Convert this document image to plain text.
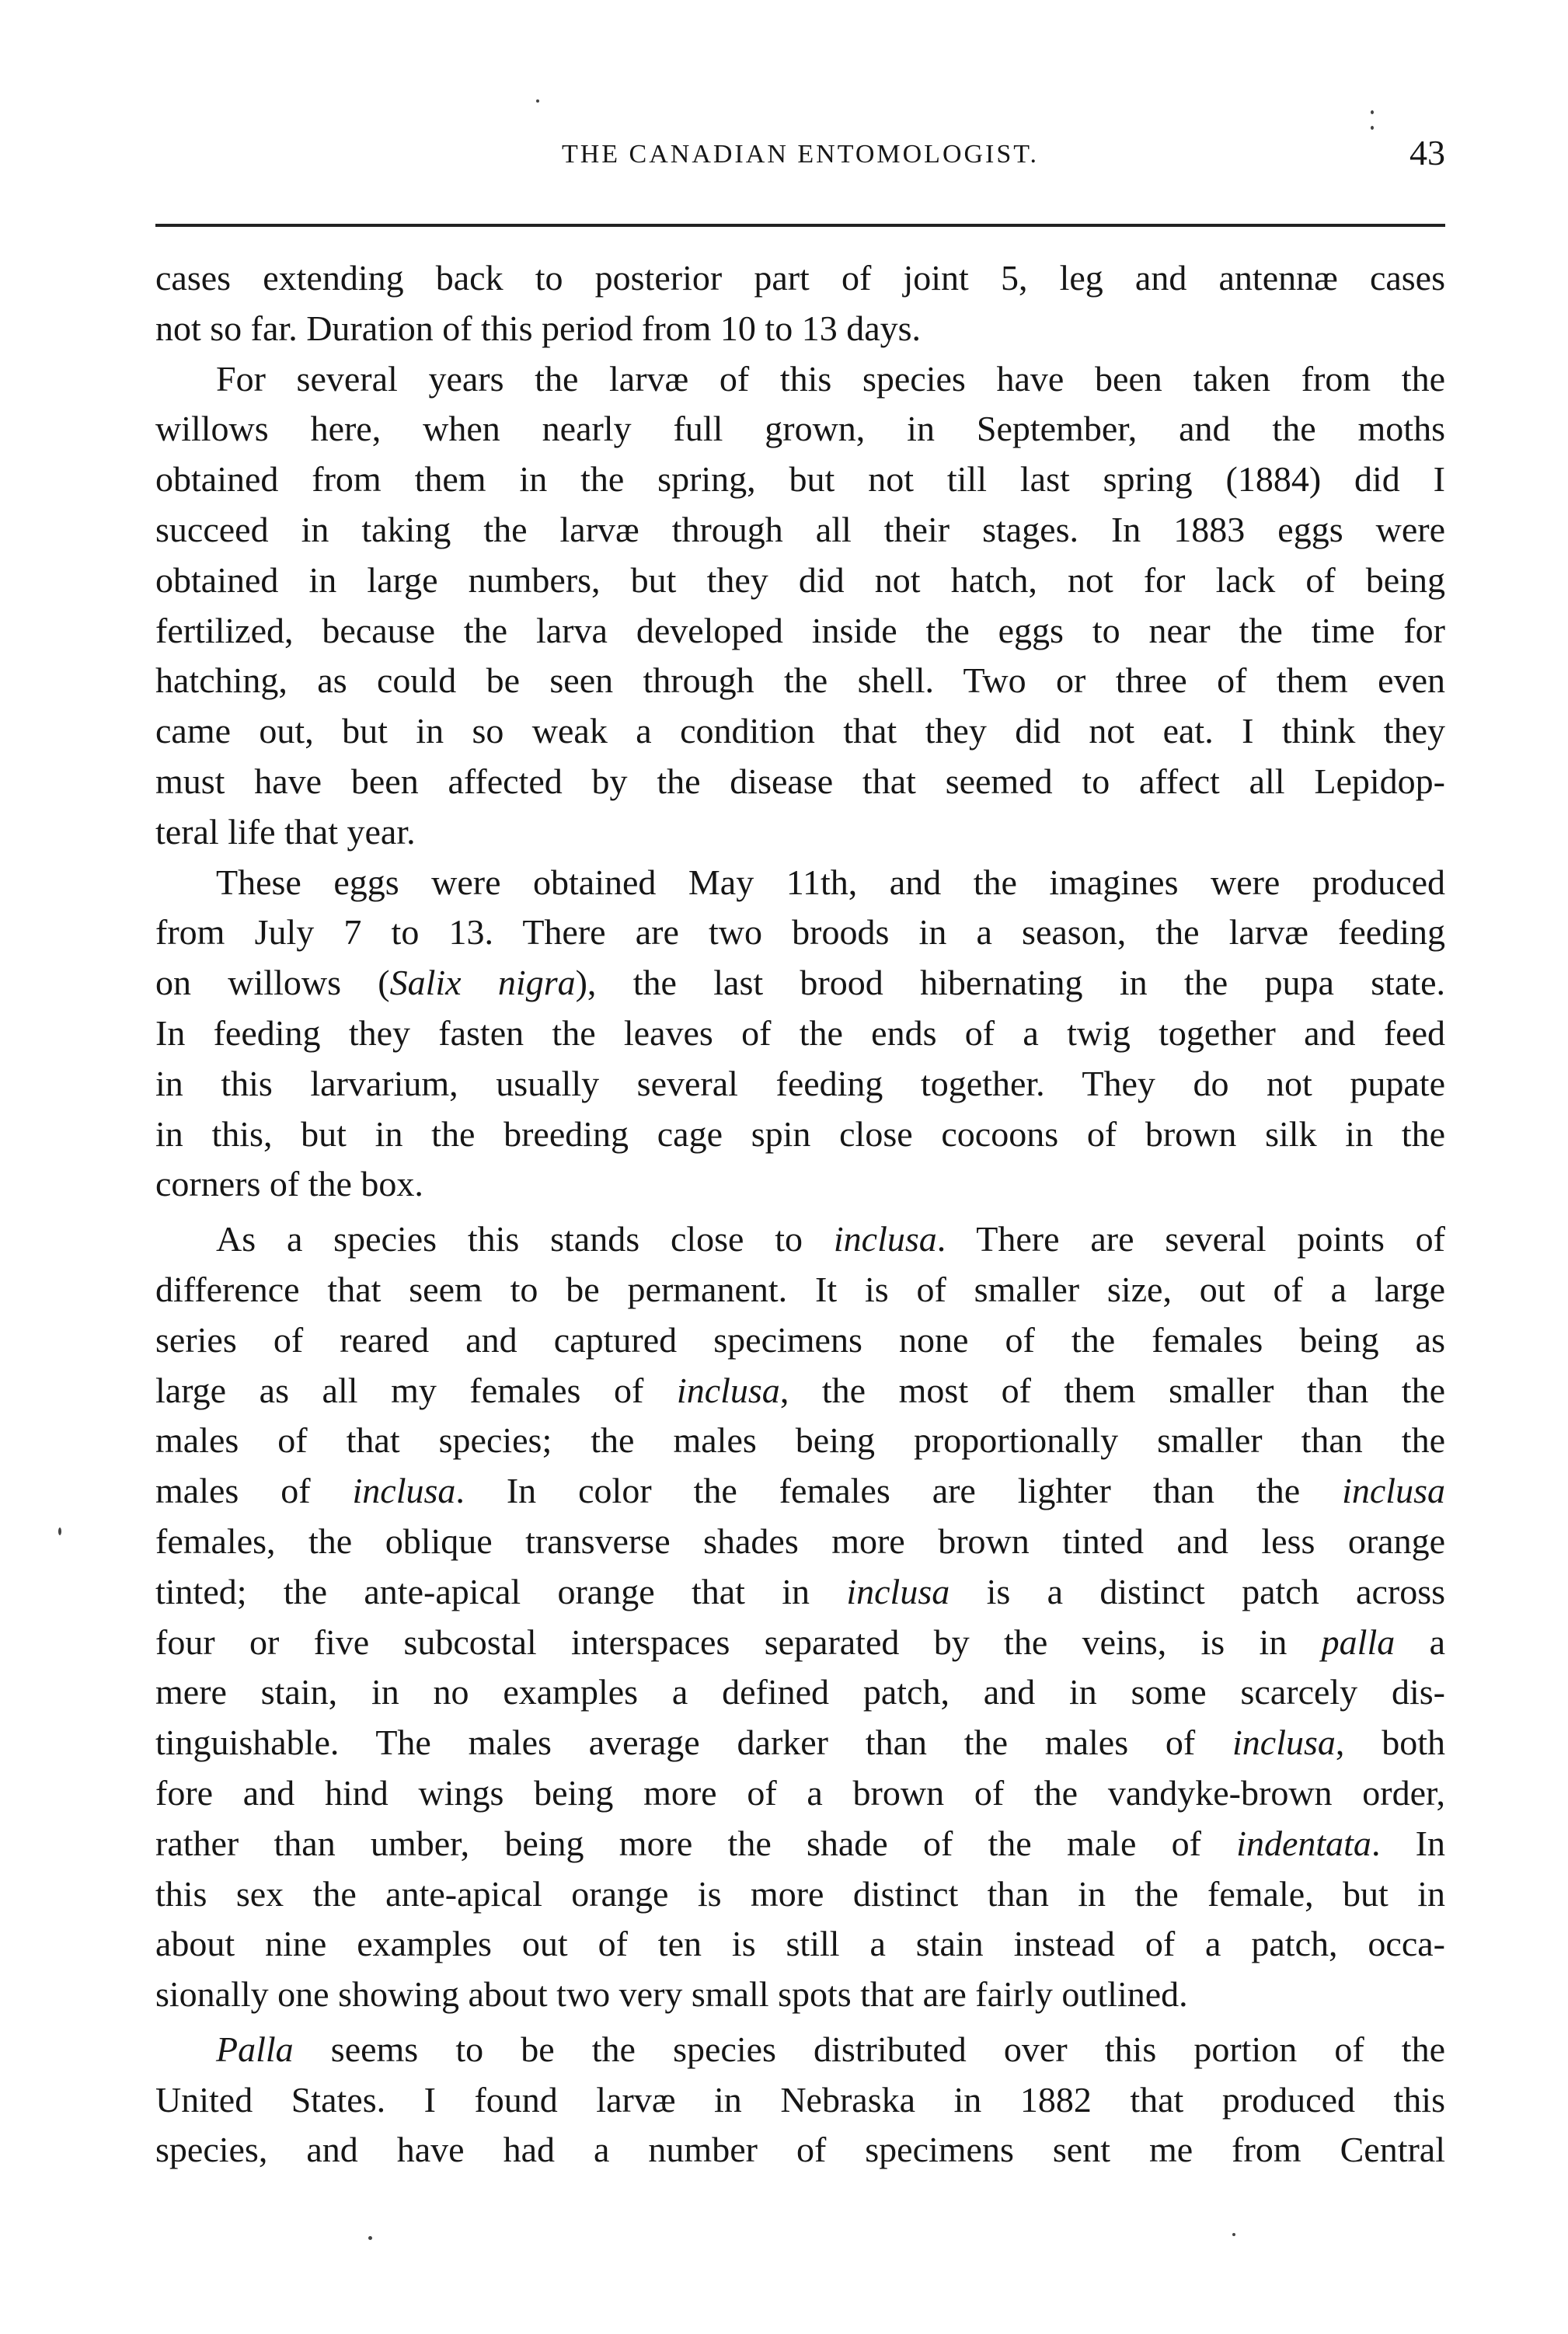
THE CANADIAN ENTOMOLOGIST.	43
cases extending back to posterior part of joint 5, leg and antennæ cases
not so far. Duration of this period from 10 to 13 days.
For several years the larvæ of this species have been taken from the
willows here, when nearly full grown, in September, and the moths
obtained from them in the spring, but not till last spring (1884) did I
succeed in taking the larvæ through all their stages. In 1883 eggs were
obtained in large numbers, but they did not hatch, not for lack of being
fertilized, because the larva developed inside the eggs to near the time for
hatching, as could be seen through the shell. Two or three of them even
came out, but in so weak a condition that they did not eat. I think they
must have been affected by the disease that seemed to affect all Lepidop-
teral life that year.
These eggs were obtained May 11th, and the imagines were produced
from July 7 to 13. There are two broods in a season, the larvæ feeding
on willows (Salix nigra), the last brood hibernating in the pupa state.
In feeding they fasten the leaves of the ends of a twig together and feed
in this larvarium, usually several feeding together. They do not pupate
in this, but in the breeding cage spin close cocoons of brown silk in the
corners of the box.
As a species this stands close to inclusa. There are several points of
difference that seem to be permanent. It is of smaller size, out of a large
series of reared and captured specimens none of the females being as
large as all my females of inclusa, the most of them smaller than the
males of that species; the males being proportionally smaller than the
males of inclusa. In color the females are lighter than the inclusa
females, the oblique transverse shades more brown tinted and less orange
tinted; the ante-apical orange that in inclusa is a distinct patch across
four or five subcostal interspaces separated by the veins, is in palla a
mere stain, in no examples a defined patch, and in some scarcely dis-
tinguishable. The males average darker than the males of inclusa, both
fore and hind wings being more of a brown of the vandyke-brown order,
rather than umber, being more the shade of the male of indentata. In
this sex the ante-apical orange is more distinct than in the female, but in
about nine examples out of ten is still a stain instead of a patch, occa-
sionally one showing about two very small spots that are fairly outlined.
Palla seems to be the species distributed over this portion of the
United States. I found larvæ in Nebraska in 1882 that produced this
species, and have had a number of specimens sent me from Central
